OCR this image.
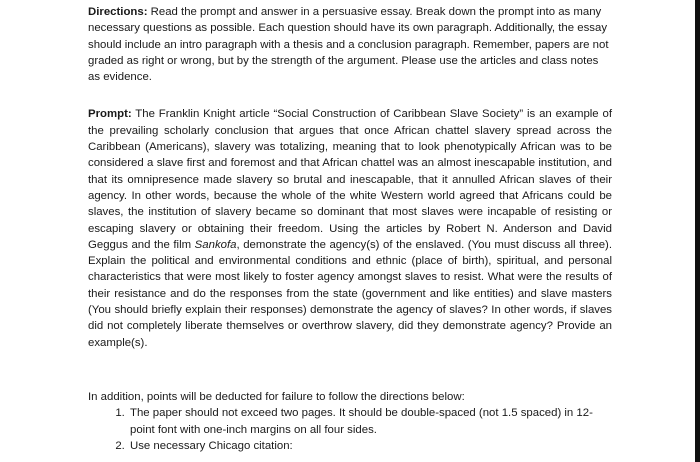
Directions: Read the prompt and answer in a persuasive essay. Break down the prompt into as many necessary questions as possible. Each question should have its own paragraph. Additionally, the essay should include an intro paragraph with a thesis and a conclusion paragraph. Remember, papers are not graded as right or wrong, but by the strength of the argument. Please use the articles and class notes as evidence.

Prompt: The Franklin Knight article “Social Construction of Caribbean Slave Society” is an example of the prevailing scholarly conclusion that argues that once African chattel slavery spread across the Caribbean (Americans), slavery was totalizing, meaning that to look phenotypically African was to be considered a slave first and foremost and that African chattel was an almost inescapable institution, and that its omnipresence made slavery so brutal and inescapable, that it annulled African slaves of their agency. In other words, because the whole of the white Western world agreed that Africans could be slaves, the institution of slavery became so dominant that most slaves were incapable of resisting or escaping slavery or obtaining their freedom. Using the articles by Robert N. Anderson and David Geggus and the film Sankofa, demonstrate the agency(s) of the enslaved. (You must discuss all three). Explain the political and environmental conditions and ethnic (place of birth), spiritual, and personal characteristics that were most likely to foster agency amongst slaves to resist. What were the results of their resistance and do the responses from the state (government and like entities) and slave masters (You should briefly explain their responses) demonstrate the agency of slaves? In other words, if slaves did not completely liberate themselves or overthrow slavery, did they demonstrate agency? Provide an example(s).

In addition, points will be deducted for failure to follow the directions below:

1. The paper should not exceed two pages. It should be double-spaced (not 1.5 spaced) in 12-point font with one-inch margins on all four sides.
2. Use necessary Chicago citation:
